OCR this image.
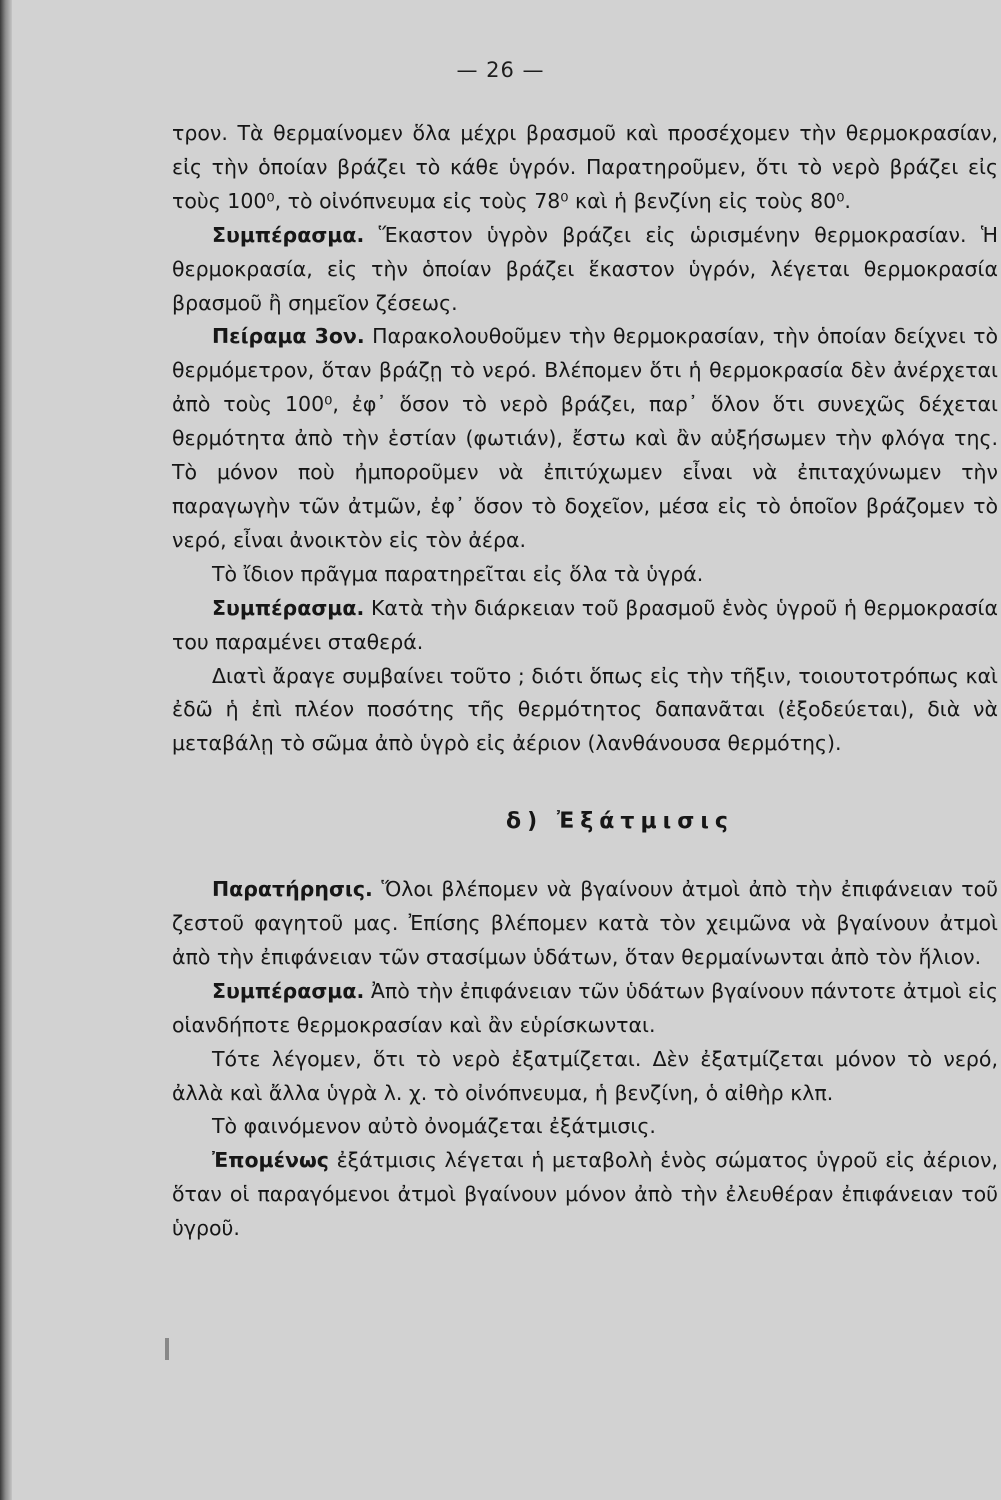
— 26 —

τρον. Τὰ θερμαίνομεν ὅλα μέχρι βρασμοῦ καὶ προσέχομεν τὴν θερμοκρασίαν, εἰς τὴν ὁποίαν βράζει τὸ κάθε ὑγρόν. Παρατηροῦμεν, ὅτι τὸ νερὸ βράζει εἰς τοὺς 100⁰, τὸ οἰνόπνευμα εἰς τοὺς 78⁰ καὶ ἡ βενζίνη εἰς τοὺς 80⁰.

Συμπέρασμα. Ἕκαστον ὑγρὸν βράζει εἰς ὡρισμένην θερμοκρασίαν. Ἡ θερμοκρασία, εἰς τὴν ὁποίαν βράζει ἕκαστον ὑγρόν, λέγεται θερμοκρασία βρασμοῦ ἢ σημεῖον ζέσεως.

Πείραμα 3ον. Παρακολουθοῦμεν τὴν θερμοκρασίαν, τὴν ὁποίαν δείχνει τὸ θερμόμετρον, ὅταν βράζῃ τὸ νερό. Βλέπομεν ὅτι ἡ θερμοκρασία δὲν ἀνέρχεται ἀπὸ τοὺς 100⁰, ἐφ᾽ ὅσον τὸ νερὸ βράζει, παρ᾽ ὅλον ὅτι συνεχῶς δέχεται θερμότητα ἀπὸ τὴν ἑστίαν (φωτιάν), ἔστω καὶ ἂν αὐξήσωμεν τὴν φλόγα της. Τὸ μόνον ποὺ ἠμποροῦμεν νὰ ἐπιτύχωμεν εἶναι νὰ ἐπιταχύνωμεν τὴν παραγωγὴν τῶν ἀτμῶν, ἐφ᾽ ὅσον τὸ δοχεῖον, μέσα εἰς τὸ ὁποῖον βράζομεν τὸ νερό, εἶναι ἀνοικτὸν εἰς τὸν ἀέρα.

Τὸ ἴδιον πρᾶγμα παρατηρεῖται εἰς ὅλα τὰ ὑγρά.

Συμπέρασμα. Κατὰ τὴν διάρκειαν τοῦ βρασμοῦ ἑνὸς ὑγροῦ ἡ θερμοκρασία του παραμένει σταθερά.

Διατὶ ἄραγε συμβαίνει τοῦτο ; διότι ὅπως εἰς τὴν τῆξιν, τοιουτοτρόπως καὶ ἐδῶ ἡ ἐπὶ πλέον ποσότης τῆς θερμότητος δαπανᾶται (ἐξοδεύεται), διὰ νὰ μεταβάλῃ τὸ σῶμα ἀπὸ ὑγρὸ εἰς ἀέριον (λανθάνουσα θερμότης).

δ) Ἐξάτμισις

Παρατήρησις. Ὅλοι βλέπομεν νὰ βγαίνουν ἀτμοὶ ἀπὸ τὴν ἐπιφάνειαν τοῦ ζεστοῦ φαγητοῦ μας. Ἐπίσης βλέπομεν κατὰ τὸν χειμῶνα νὰ βγαίνουν ἀτμοὶ ἀπὸ τὴν ἐπιφάνειαν τῶν στασίμων ὑδάτων, ὅταν θερμαίνωνται ἀπὸ τὸν ἥλιον.

Συμπέρασμα. Ἀπὸ τὴν ἐπιφάνειαν τῶν ὑδάτων βγαίνουν πάντοτε ἀτμοὶ εἰς οἱανδήποτε θερμοκρασίαν καὶ ἂν εὑρίσκωνται.

Τότε λέγομεν, ὅτι τὸ νερὸ ἐξατμίζεται. Δὲν ἐξατμίζεται μόνον τὸ νερό, ἀλλὰ καὶ ἄλλα ὑγρὰ λ. χ. τὸ οἰνόπνευμα, ἡ βενζίνη, ὁ αἰθὴρ κλπ.

Τὸ φαινόμενον αὐτὸ ὀνομάζεται ἐξάτμισις.

Ἐπομένως ἐξάτμισις λέγεται ἡ μεταβολὴ ἑνὸς σώματος ὑγροῦ εἰς ἀέριον, ὅταν οἱ παραγόμενοι ἀτμοὶ βγαίνουν μόνον ἀπὸ τὴν ἐλευθέραν ἐπιφάνειαν τοῦ ὑγροῦ.
